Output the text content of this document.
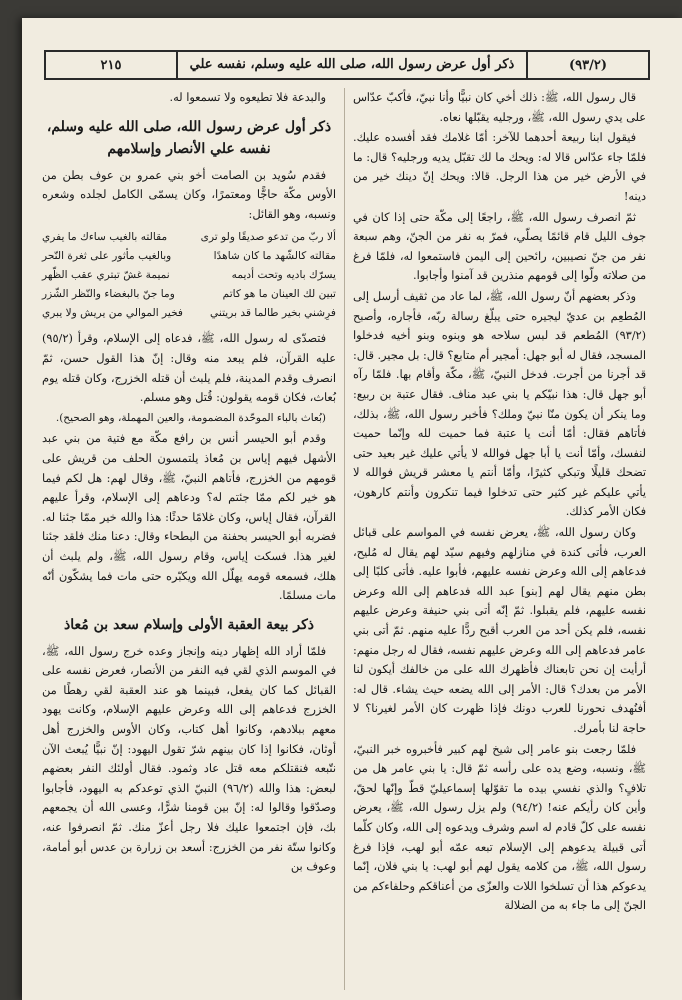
٢١٥	ذكر أول عرض رسول الله، صلى الله عليه وسلم، نفسه علي	(٩٣/٢)

قال رسول الله، ﷺ: ذلك أخي كان نبيًّا وأنا نبيّ، فأكبّ عدّاس على يدي رسول الله، ﷺ، ورجليه يقبّلها نعاه.

فيقول ابنا ربيعة أحدهما للآخر: أمّا غلامك فقد أفسده عليك. فلمّا جاء عدّاس قالا له: ويحك ما لك تقبّل يديه ورجليه؟ قال: ما في الأرض خير من هذا الرجل. قالا: ويحك إنّ دينك خير من دينه!

ثمّ انصرف رسول الله، ﷺ، راجعًا إلى مكّة حتى إذا كان في جوف الليل قام قائمًا يصلّي، فمرّ به نفر من الجنّ، وهم سبعة نفر من جنّ نصيبين، رائحين إلى اليمن فاستمعوا له، فلمّا فرغ من صلاته ولّوا إلى قومهم منذرين قد آمنوا وأجابوا.

وذكر بعضهم أنّ رسول الله، ﷺ، لما عاد من ثقيف أرسل إلى المُطعِم بن عديّ ليجيره حتى يبلّغ رسالة ربّه، فأجاره، وأصبح (٩٣/٢) المُطعم قد لبس سلاحه هو وبنوه وبنو أخيه فدخلوا المسجد، فقال له أبو جهل: أمجير أم متابع؟ قال: بل مجير. قال: قد أجرنا من أجرت. فدخل النبيّ، ﷺ، مكّة وأقام بها. فلمّا رآه أبو جهل قال: هذا نبيّكم يا بني عبد مناف. فقال عتبة بن ربيع: وما ينكر أن يكون منّا نبيّ وملك؟ فأخبر رسول الله، ﷺ، بذلك، فأتاهم فقال: أمّا أنت يا عتبة فما حميت لله وإنّما حميت لنفسك، وأمّا أنت يا أبا جهل فوالله لا يأتي عليك غير بعيد حتى تضحك قليلًا وتبكي كثيرًا، وأمّا أنتم يا معشر قريش فوالله لا يأتي عليكم غير كثير حتى تدخلوا فيما تنكرون وأنتم كارهون، فكان الأمر كذلك.

وكان رسول الله، ﷺ، يعرض نفسه في المواسم على قبائل العرب، فأتى كندة في منازلهم وفيهم سيّد لهم يقال له مُليح، فدعاهم إلى الله وعرض نفسه عليهم، فأبوا عليه. فأتى كلبًا إلى بطن منهم يقال لهم [بنو] عبد الله فدعاهم إلى الله وعرض نفسه عليهم، فلم يقبلوا. ثمّ إنّه أتى بني حنيفة وعرض عليهم نفسه، فلم يكن أحد من العرب أقبح ردًّا عليه منهم. ثمّ أتى بني عامر فدعاهم إلى الله وعرض عليهم نفسه، فقال له رجل منهم: أرأيت إن نحن تابعناك فأظهرك الله على من خالفك أيكون لنا الأمر من بعدك؟ قال: الأمر إلى الله يضعه حيث يشاء. قال له: أفنُهدف نحورنا للعرب دونك فإذا ظهرت كان الأمر لغيرنا؟ لا حاجة لنا بأمرك.

فلمّا رجعت بنو عامر إلى شيخ لهم كبير فأخبروه خبر النبيّ، ﷺ، ونسبه، وضع يده على رأسه ثمّ قال: يا بني عامر هل من تلافٍ؟ والذي نفسي بيده ما تقوّلها إسماعيليّ قطّ وإنّها لحقّ، وأين كان رأيكم عنه! (٩٤/٢) ولم يزل رسول الله، ﷺ، يعرض نفسه على كلّ قادم له اسم وشرف ويدعوه إلى الله، وكان كلّما أتى قبيلة يدعوهم إلى الإسلام تبعه عمّه أبو لهب، فإذا فرغ رسول الله، ﷺ، من كلامه يقول لهم أبو لهب: يا بني فلان، إنّما يدعوكم هذا أن تسلخوا اللات والعزّى من أعناقكم وحلفاءكم من الجنّ إلى ما جاء به من الضلالة

والبدعة فلا تطيعوه ولا تسمعوا له.

ذكر أول عرض رسول الله، صلى الله عليه وسلم، نفسه علي الأنصار وإسلامهم

فقدم سُويد بن الصامت أخو بني عمرو بن عوف بطن من الأوس مكّة حاجًّا ومعتمرًا، وكان يسمّى الكامل لجلده وشعره ونسبه، وهو القائل:

ألا ربّ من تدعو صديقًا ولو ترى
مقالته بالغيب ساءك ما يفري
مقالته كالشّهد ما كان شاهدًا
وبالغيب مأثور على ثغرة النّحر
يسرّك باديه وتحت أديمه
نميمة غشّ تبتري عقب الظّهر
تبين لك العينان ما هو كاتم
وما جنّ بالبغضاء والنّظر الشّزر
فرِشني بخير طالما قد بريتني
فخير الموالي من يريش ولا يبري

فتصدّى له رسول الله، ﷺ، فدعاه إلى الإسلام، وقرأ (٩٥/٢) عليه القرآن، فلم يبعد منه وقال: إنّ هذا القول حسن، ثمّ انصرف وقدم المدينة، فلم يلبث أن قتله الخزرج، وكان قتله يوم بُعاث، فكان قومه يقولون: قُتل وهو مسلم.

(بُعاث بالباء الموحّدة المضمومة، والعين المهملة، وهو الصحيح).

وقدم أبو الحيسر أنس بن رافع مكّة مع فتية من بني عبد الأشهل فيهم إياس بن مُعاذ يلتمسون الحلف من قريش على قومهم من الخزرج، فأتاهم النبيّ، ﷺ، وقال لهم: هل لكم فيما هو خير لكم ممّا جئتم له؟ ودعاهم إلى الإسلام، وقرأ عليهم القرآن، فقال إياس، وكان غلامًا حدثًا: هذا والله خير ممّا جئنا له. فضربه أبو الحيسر بحفنة من البطحاء وقال: دعنا منك فلقد جئنا لغير هذا. فسكت إياس، وقام رسول الله، ﷺ، ولم يلبث أن هلك، فسمعه قومه يهلّل الله ويكبّره حتى مات فما يشكّون أنّه مات مسلمًا.

ذكر بيعة العقبة الأولى وإسلام سعد بن مُعاذ

فلمّا أراد الله إظهار دينه وإنجاز وعده خرج رسول الله، ﷺ، في الموسم الذي لقي فيه النفر من الأنصار، فعرض نفسه على القبائل كما كان يفعل، فبينما هو عند العقبة لقي رهطًا من الخزرج فدعاهم إلى الله وعرض عليهم الإسلام، وكانت يهود معهم ببلادهم، وكانوا أهل كتاب، وكان الأوس والخزرج أهل أوثان، فكانوا إذا كان بينهم شرّ تقول اليهود: إنّ نبيًّا يُبعث الآن نتّبعه فنقتلكم معه قتل عاد وثمود. فقال أولئك النفر بعضهم لبعض: هذا والله (٩٦/٢) النبيّ الذي توعدكم به اليهود، فأجابوا وصدّقوا وقالوا له: إنّ بين قومنا شرًّا، وعسى الله أن يجمعهم بك، فإن اجتمعوا عليك فلا رجل أعزّ منك. ثمّ انصرفوا عنه، وكانوا ستّة نفر من الخزرج: أسعد بن زرارة بن عدس أبو أمامة، وعوف بن
